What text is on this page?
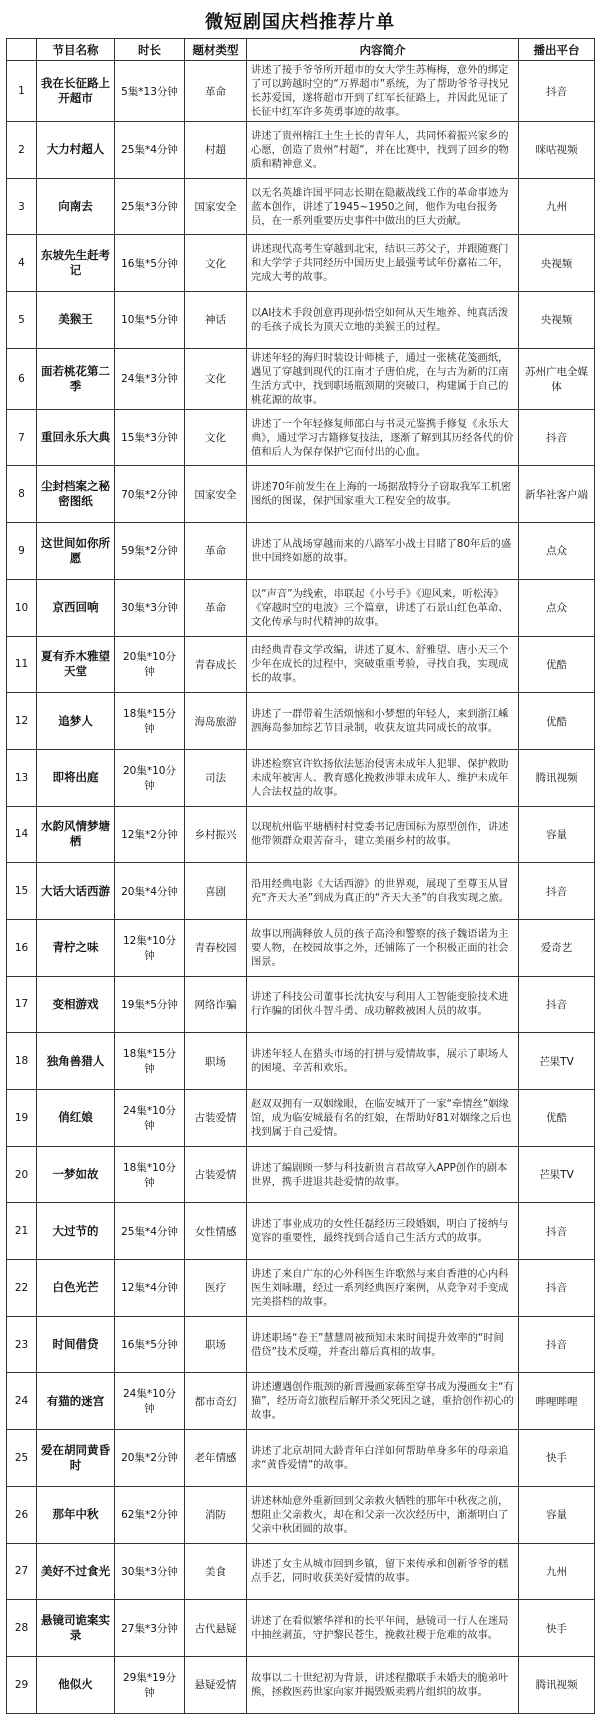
微短剧国庆档推荐片单
	节目名称	时长	题材类型	内容简介	播出平台
1	我在长征路上开超市	5集*13分钟	革命	讲述了接手爷爷所开超市的女大学生苏梅梅，意外的绑定了可以跨越时空的“万界超市”系统，为了帮助爷爷寻找兄长苏爱国，遂将超市开到了红军长征路上，并因此见证了长征中红军许多英勇事迹的故事。	抖音
2	大力村超人	25集*4分钟	村超	讲述了贵州榕江土生土长的青年人，共同怀着振兴家乡的心愿，创造了贵州“村超”，并在比赛中，找到了回乡的物质和精神意义。	咪咕视频
3	向南去	25集*3分钟	国家安全	以无名英雄许国平同志长期在隐蔽战线工作的革命事迹为蓝本创作，讲述了1945~1950之间，他作为电台报务员，在一系列重要历史事件中做出的巨大贡献。	九州
4	东坡先生赶考记	16集*5分钟	文化	讲述现代高考生穿越到北宋，结识三苏父子，并跟随赛门和大学学子共同经历中国历史上最强考试年份嘉祐二年，完成大考的故事。	央视频
5	美猴王	10集*5分钟	神话	以AI技术手段创意再现孙悟空如何从天生地养、纯真活泼的毛孩子成长为顶天立地的美猴王的过程。	央视频
6	面若桃花第二季	24集*3分钟	文化	讲述年轻的海归时装设计师桃子，通过一张桃花笺画纸，遇见了穿越到现代的江南才子唐伯虎，在与古为新的江南生活方式中，找到职场瓶颈期的突破口，构建属于自己的桃花源的故事。	苏州广电全媒体
7	重回永乐大典	15集*3分钟	文化	讲述了一个年轻修复师邵白与书灵元鉴携手修复《永乐大典》，通过学习古籍修复技法，逐渐了解到其历经各代的价值和后人为保存保护它而付出的心血。	抖音
8	尘封档案之秘密图纸	70集*2分钟	国家安全	讲述70年前发生在上海的一场据敌特分子窃取我军工机密图纸的图谋，保护国家重大工程安全的故事。	新华社客户端
9	这世间如你所愿	59集*2分钟	革命	讲述了从战场穿越而来的八路军小战士目睹了80年后的盛世中国终如愿的故事。	点众
10	京西回响	30集*3分钟	革命	以“声音”为线索，串联起《小号手》《迎风来，听松涛》《穿越时空的电波》三个篇章，讲述了石景山红色革命、文化传承与时代精神的故事。	点众
11	夏有乔木雅望天堂	20集*10分钟	青春成长	由经典青春文学改编，讲述了夏木、舒雅望、唐小天三个少年在成长的过程中，突破重重考验，寻找自我，实现成长的故事。	优酷
12	追梦人	18集*15分钟	海岛旅游	讲述了一群带着生活烦恼和小梦想的年轻人，来到浙江嵊泗海岛参加综艺节目录制，收获友谊共同成长的故事。	优酷
13	即将出庭	20集*10分钟	司法	讲述检察官许钦扬依法惩治侵害未成年人犯罪、保护救助未成年被害人、教育感化挽救涉罪未成年人、维护未成年人合法权益的故事。	腾讯视频
14	水韵风情梦塘栖	12集*2分钟	乡村振兴	以现杭州临平塘栖村村党委书记唐国标为原型创作，讲述他带领群众艰苦奋斗，建立美丽乡村的故事。	容量
15	大话大话西游	20集*4分钟	喜剧	沿用经典电影《大话西游》的世界观，展现了至尊玉从冒充“齐天大圣”到成为真正的“齐天大圣”的自我实现之旅。	抖音
16	青柠之味	12集*10分钟	青春校园	故事以刑满释放人员的孩子高泠和警察的孩子魏语诺为主要人物，在校园故事之外，还铺陈了一个积极正面的社会图景。	爱奇艺
17	变相游戏	19集*5分钟	网络诈骗	讲述了科技公司董事长沈执安与利用人工智能变脸技术进行诈骗的团伙斗智斗勇、成功解救被困人员的故事。	抖音
18	独角兽猎人	18集*15分钟	职场	讲述年轻人在猎头市场的打拼与爱情故事，展示了职场人的困境、辛苦和欢乐。	芒果TV
19	俏红娘	24集*10分钟	古装爱情	赵双双拥有一双姻缘眼，在临安城开了一家“牵情丝”姻缘馆，成为临安城最有名的红娘，在帮助好81对姻缘之后也找到属于自己爱情。	优酷
20	一梦如故	18集*10分钟	古装爱情	讲述了编剧顾一梦与科技新贵言君故穿入APP创作的剧本世界，携手进退共赴爱情的故事。	芒果TV
21	大过节的	25集*4分钟	女性情感	讲述了事业成功的女性任磊经历三段婚姻，明白了接纳与宽容的重要性，最终找到合适自己生活方式的故事。	抖音
22	白色光芒	12集*4分钟	医疗	讲述了来自广东的心外科医生许歌然与来自香港的心内科医生刘咏珊，经过一系列经典医疗案例，从竞争对手变成完美搭档的故事。	抖音
23	时间借贷	16集*5分钟	职场	讲述职场“卷王”慧慧周被预知未来时间提升效率的“时间借贷”技术反噬，并查出幕后真相的故事。	抖音
24	有猫的迷宫	24集*10分钟	都市奇幻	讲述遭遇创作瓶颈的新晋漫画家蒋至穿书成为漫画女主“有猫”，经历奇幻旅程后解开杀父死因之谜，重拾创作初心的故事。	哔哩哔哩
25	爱在胡同黄昏时	20集*2分钟	老年情感	讲述了北京胡同大龄青年白洋如何帮助单身多年的母亲追求“黄昏爱情”的故事。	快手
26	那年中秋	62集*2分钟	消防	讲述林灿意外重新回到父亲救火牺牲的那年中秋夜之前，想阻止父亲救火，却在和父亲一次次经历中，渐渐明白了父亲中秋团圆的故事。	容量
27	美好不过食光	30集*3分钟	美食	讲述了女主从城市回到乡镇，留下来传承和创新爷爷的糕点手艺，同时收获美好爱情的故事。	九州
28	悬镜司诡案实录	27集*3分钟	古代悬疑	讲述了在看似繁华祥和的长平年间，悬镜司一行人在迷局中抽丝剥茧，守护黎民苍生，挽救社稷于危难的故事。	快手
29	他似火	29集*19分钟	悬疑爱情	故事以二十世纪初为背景，讲述程撒联手未婚夫的脆弟叶熊，拯救医药世家向家并揭毁贩卖鸦片组织的故事。	腾讯视频
